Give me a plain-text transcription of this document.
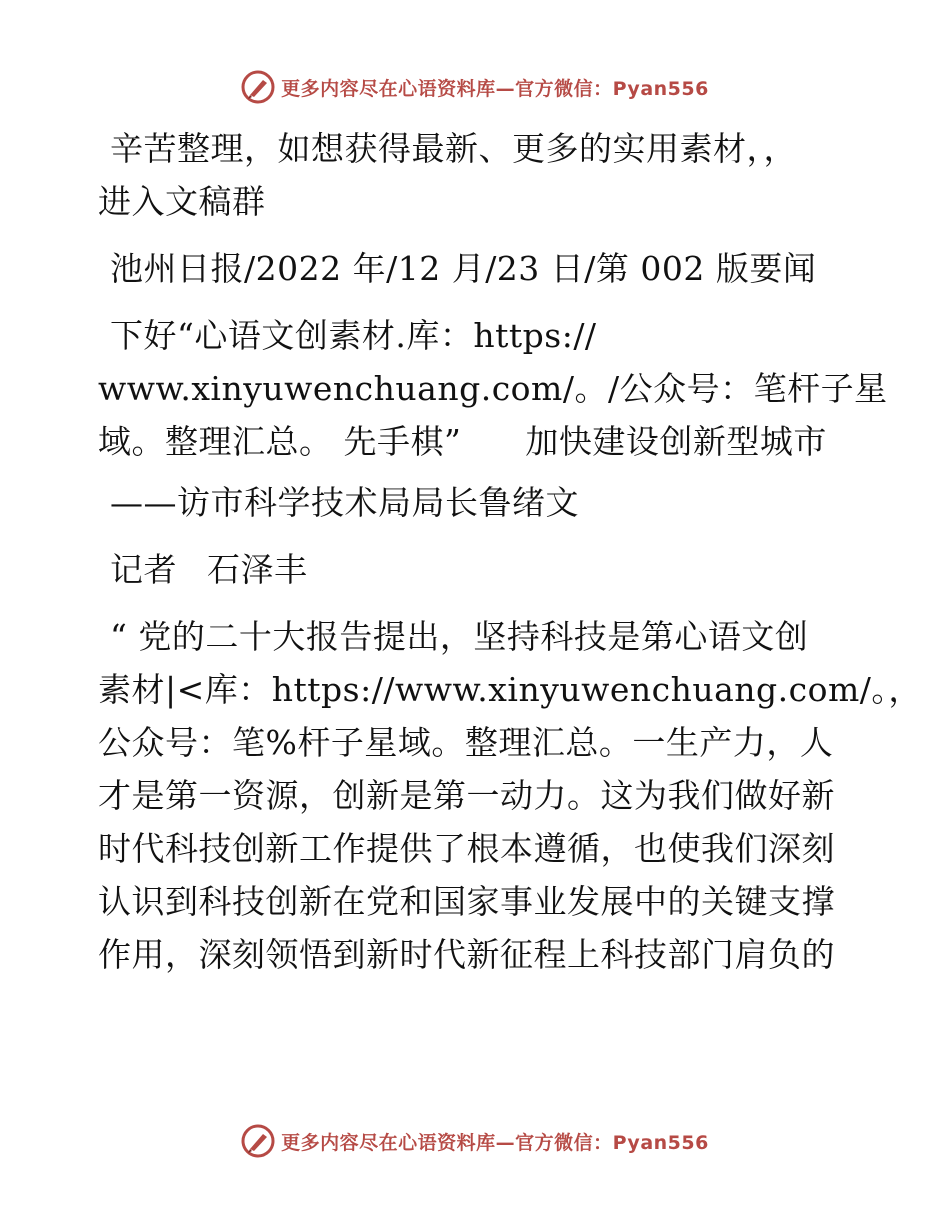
更多内容尽在心语资料库—官方微信：Pyan556
辛苦整理，如想获得最新、更多的实用素材，，
进入文稿群
池州日报/2022 年/12 月/23 日/第 002 版要闻
下好“心语文创素材.库：https://
www.xinyuwenchuang.com/。/公众号：笔杆子星
域。整理汇总。 先手棋” 加快建设创新型城市
——访市科学技术局局长鲁绪文
记者 石泽丰
“ 党的二十大报告提出，坚持科技是第心语文创
素材|<库：https://www.xinyuwenchuang.com/。，
公众号：笔%杆子星域。整理汇总。一生产力，人
才是第一资源，创新是第一动力。这为我们做好新
时代科技创新工作提供了根本遵循，也使我们深刻
认识到科技创新在党和国家事业发展中的关键支撑
作用，深刻领悟到新时代新征程上科技部门肩负的
更多内容尽在心语资料库—官方微信：Pyan556
